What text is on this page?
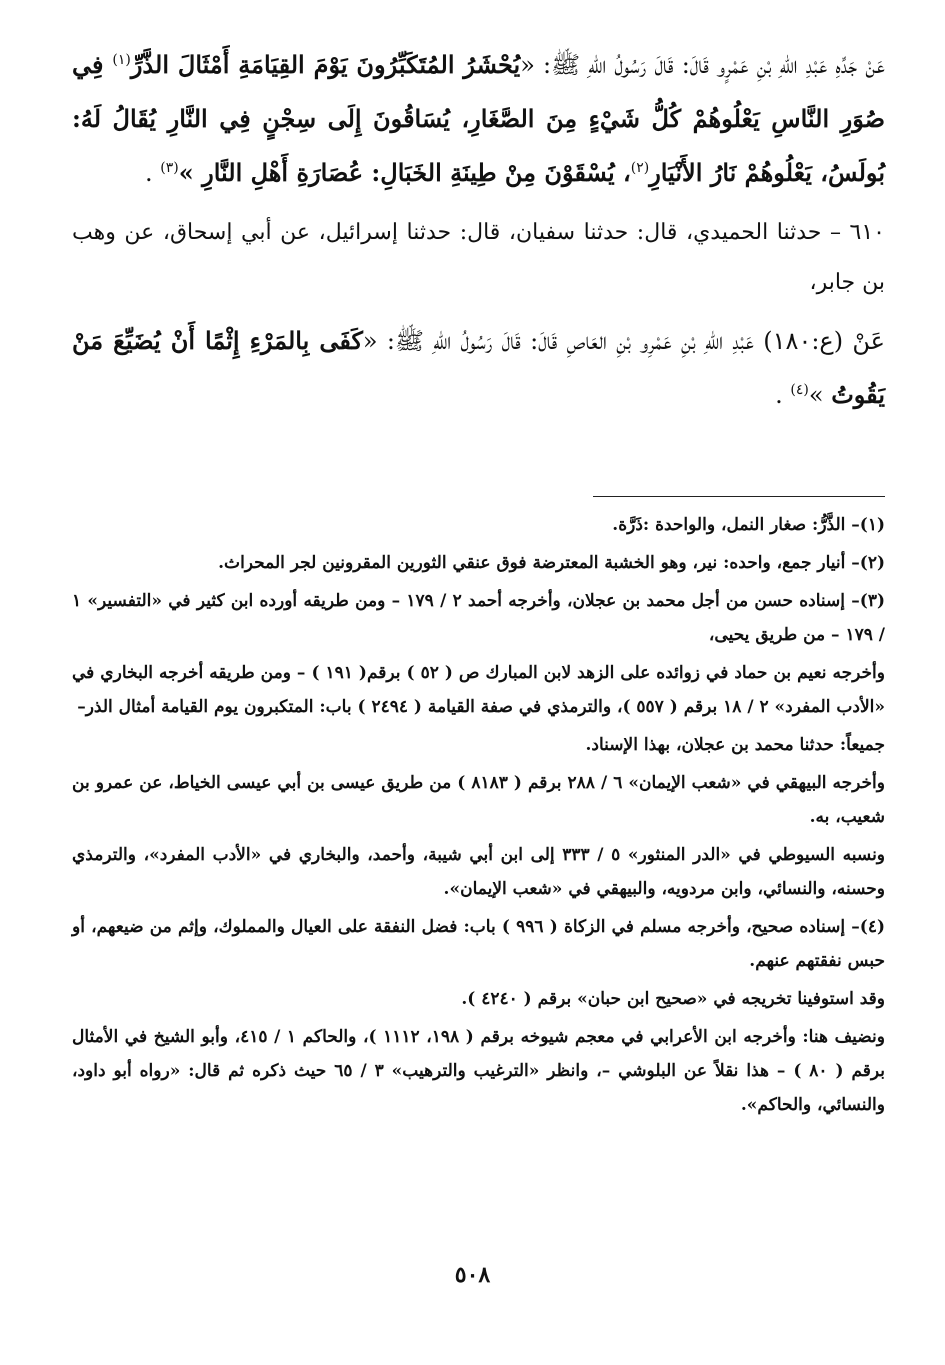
عَنْ جَدِّهِ عَبْدِ اللهِ بْنِ عَمْرٍو قَالَ: قَالَ رَسُولُ اللهِ ﷺ: «يُحْشَرُ المُتَكَبِّرُونَ يَوْمَ القِيَامَةِ أَمْثَالَ الذَّرِّ$^{(١)}$ فِي صُوَرِ النَّاسِ يَعْلُوهُمْ كُلُّ شَيْءٍ مِنَ الصَّغَارِ، يُسَاقُونَ إِلَى سِجْنٍ فِي النَّارِ يُقَالُ لَهُ: بُولَسُ، يَعْلُوهُمْ نَارُ الأَنْيَارِ$^{(٢)}$، يُسْقَوْنَ مِنْ طِينَةِ الخَبَالِ: عُصَارَةِ أَهْلِ النَّارِ »$^{(٣)}$ .

٦١٠ – حدثنا الحميدي، قال: حدثنا سفيان، قال: حدثنا إسرائيل، عن أبي إسحاق، عن وهب بن جابر،

عَنْ (ع:١٨٠) عَبْدِ اللهِ بْنِ عَمْرِو بْنِ العَاصِ قَالَ: قَالَ رَسُولُ اللهِ ﷺ: «كَفَى بِالمَرْءِ إِثْمًا أَنْ يُضَيِّعَ مَنْ يَقُوتُ »$^{(٤)}$ .

(١)– الذَّرُّ: صغار النمل، والواحدة :ذَرَّة.

(٢)– أنيار جمع، واحده: نير، وهو الخشبة المعترضة فوق عنقي الثورين المقرونين لجر المحراث.

(٣)– إسناده حسن من أجل محمد بن عجلان، وأخرجه أحمد ٢ / ١٧٩ – ومن طريقه أورده ابن كثير في «التفسير» ١ / ١٧٩ – من طريق يحيى،

وأخرجه نعيم بن حماد في زوائده على الزهد لابن المبارك ص ( ٥٢ ) برقم( ١٩١ ) – ومن طريقه أخرجه البخاري في «الأدب المفرد» ٢ / ١٨ برقم ( ٥٥٧ )، والترمذي في صفة القيامة ( ٢٤٩٤ ) باب: المتكبرون يوم القيامة أمثال الذر–

جميعاً: حدثنا محمد بن عجلان، بهذا الإسناد.

وأخرجه البيهقي في «شعب الإيمان» ٦ / ٢٨٨ برقم ( ٨١٨٣ ) من طريق عيسى بن أبي عيسى الخياط، عن عمرو بن شعيب، به.

ونسبه السيوطي في «الدر المنثور» ٥ / ٣٣٣ إلى ابن أبي شيبة، وأحمد، والبخاري في «الأدب المفرد»، والترمذي وحسنه، والنسائي، وابن مردويه، والبيهقي في «شعب الإيمان».

(٤)– إسناده صحيح، وأخرجه مسلم في الزكاة ( ٩٩٦ ) باب: فضل النفقة على العيال والمملوك، وإثم من ضيعهم، أو حبس نفقتهم عنهم.

وقد استوفينا تخريجه في «صحيح ابن حبان» برقم ( ٤٢٤٠ ).

ونضيف هنا: وأخرجه ابن الأعرابي في معجم شيوخه برقم ( ١٩٨، ١١١٢ )، والحاكم ١ / ٤١٥، وأبو الشيخ في الأمثال برقم ( ٨٠ ) – هذا نقلاً عن البلوشي –، وانظر «الترغيب والترهيب» ٣ / ٦٥ حيث ذكره ثم قال: «رواه أبو داود، والنسائي، والحاكم».

٥٠٨
